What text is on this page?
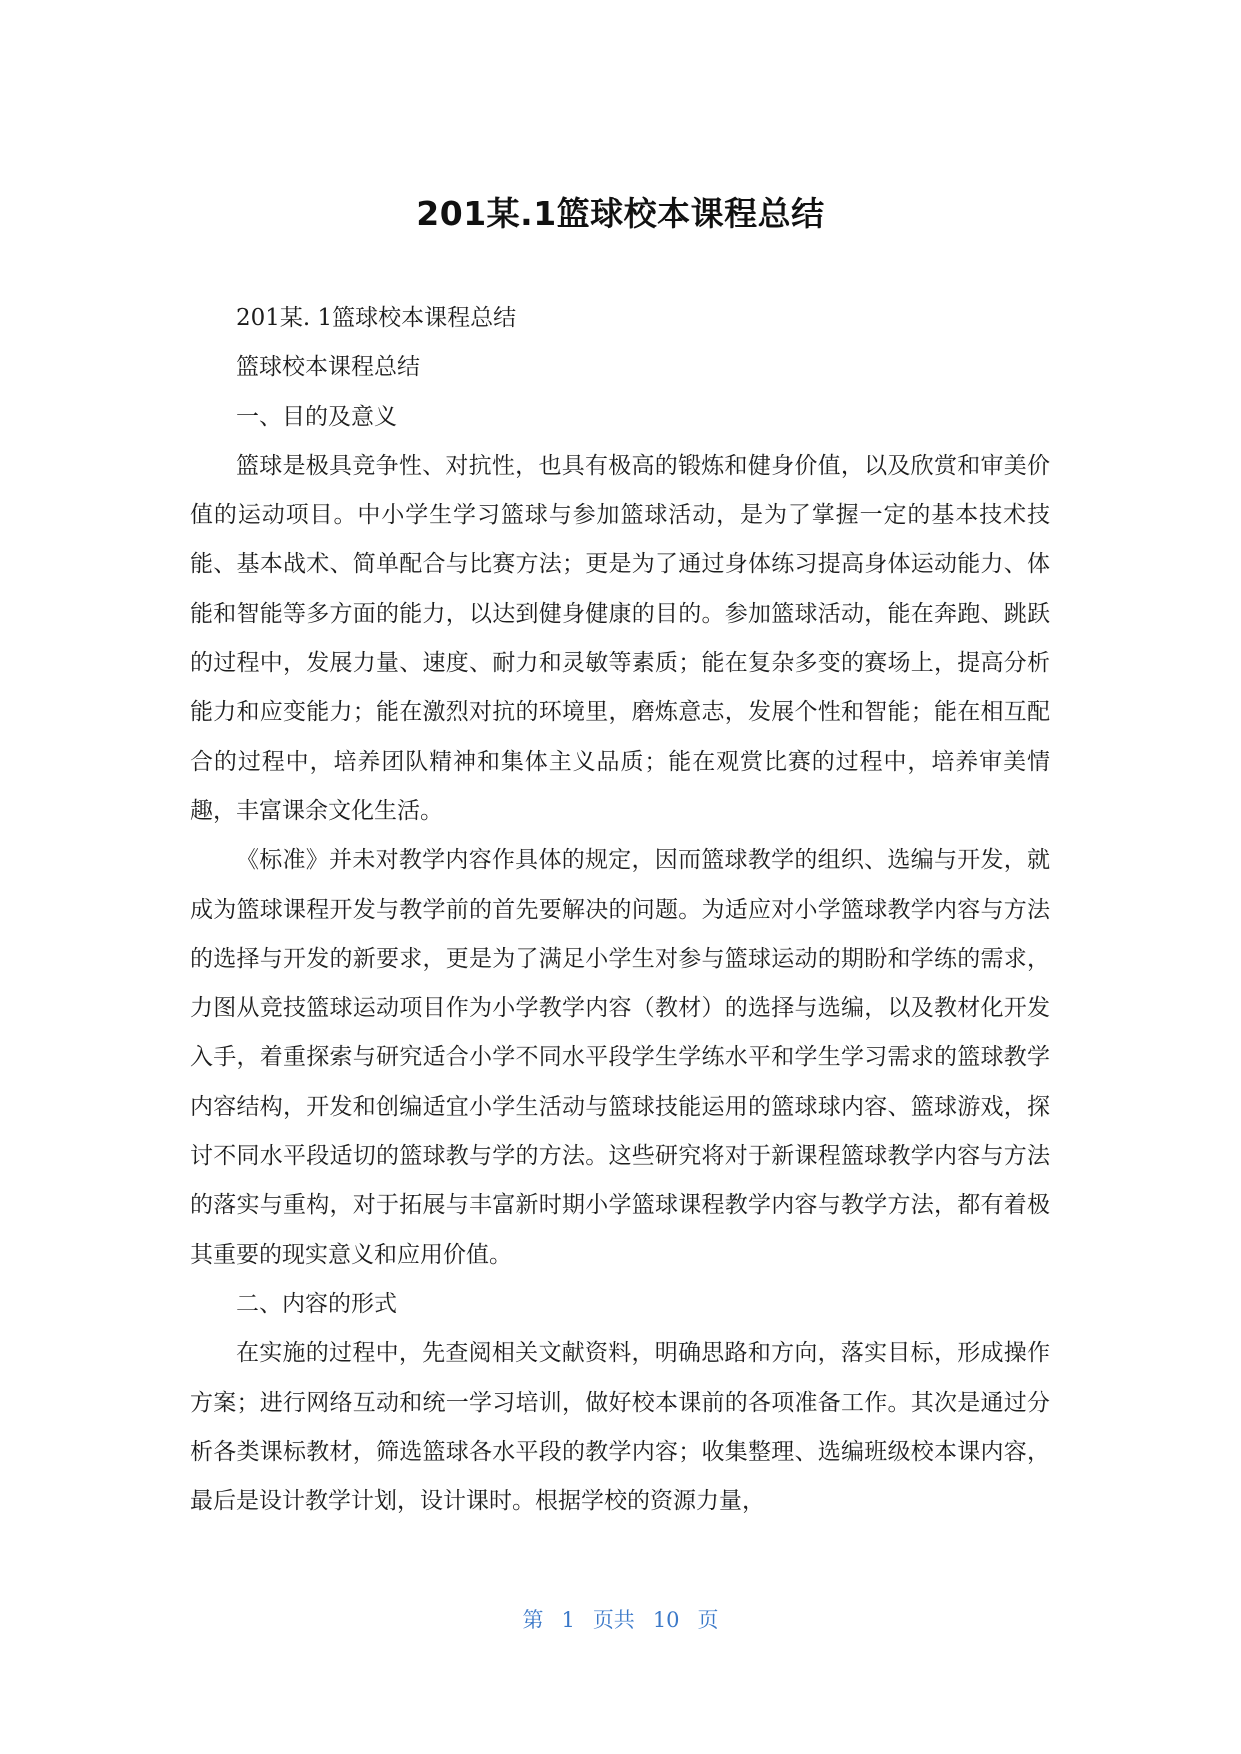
201某.1篮球校本课程总结

201某. 1篮球校本课程总结

篮球校本课程总结

一、目的及意义

篮球是极具竞争性、对抗性，也具有极高的锻炼和健身价值，以及欣赏和审美价值的运动项目。中小学生学习篮球与参加篮球活动，是为了掌握一定的基本技术技能、基本战术、简单配合与比赛方法；更是为了通过身体练习提高身体运动能力、体能和智能等多方面的能力，以达到健身健康的目的。参加篮球活动，能在奔跑、跳跃的过程中，发展力量、速度、耐力和灵敏等素质；能在复杂多变的赛场上，提高分析能力和应变能力；能在激烈对抗的环境里，磨炼意志，发展个性和智能；能在相互配合的过程中，培养团队精神和集体主义品质；能在观赏比赛的过程中，培养审美情趣，丰富课余文化生活。

《标准》并未对教学内容作具体的规定，因而篮球教学的组织、选编与开发，就成为篮球课程开发与教学前的首先要解决的问题。为适应对小学篮球教学内容与方法的选择与开发的新要求，更是为了满足小学生对参与篮球运动的期盼和学练的需求，力图从竞技篮球运动项目作为小学教学内容（教材）的选择与选编，以及教材化开发入手，着重探索与研究适合小学不同水平段学生学练水平和学生学习需求的篮球教学内容结构，开发和创编适宜小学生活动与篮球技能运用的篮球球内容、篮球游戏，探讨不同水平段适切的篮球教与学的方法。这些研究将对于新课程篮球教学内容与方法的落实与重构，对于拓展与丰富新时期小学篮球课程教学内容与教学方法，都有着极其重要的现实意义和应用价值。

二、内容的形式

在实施的过程中，先查阅相关文献资料，明确思路和方向，落实目标，形成操作方案；进行网络互动和统一学习培训，做好校本课前的各项准备工作。其次是通过分析各类课标教材，筛选篮球各水平段的教学内容；收集整理、选编班级校本课内容，最后是设计教学计划，设计课时。根据学校的资源力量，

第 1 页共 10 页
